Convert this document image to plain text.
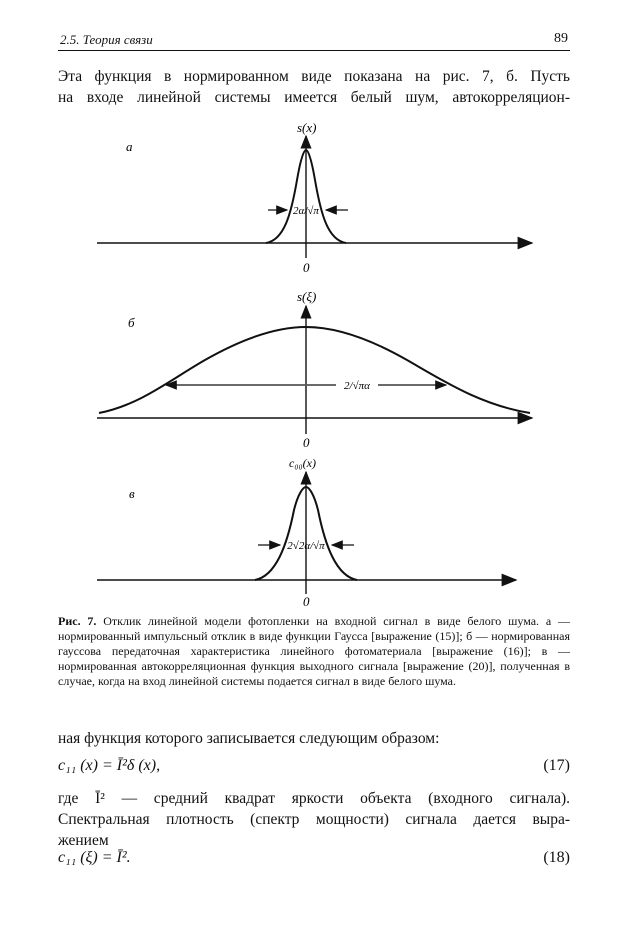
2.5. Теория связи	89
Эта функция в нормированном виде показана на рис. 7, б. Пусть
на входе линейной системы имеется белый шум, автокорреляцион-
а
s(x)
2α/√π
0
б
s(ξ)
2/√πα
0
в
c₀₀(x)
2√2α/√π
0
Рис. 7. Отклик линейной модели фотопленки на входной сигнал в виде белого шума. а — нормированный импульсный отклик в виде функции Гаусса [выражение (15)]; б — нормированная гауссова передаточная характеристика линейного фотоматериала [выражение (16)]; в — нормированная автокорреляционная функция выходного сигнала [выражение (20)], полученная в случае, когда на вход линейной системы подается сигнал в виде белого шума.
ная функция которого записывается следующим образом:
c₁₁ (x) = Ī²δ (x),	(17)
где Ī² — средний квадрат яркости объекта (входного сигнала).
Спектральная плотность (спектр мощности) сигнала дается выра-
жением
c₁₁ (ξ) = Ī².	(18)
